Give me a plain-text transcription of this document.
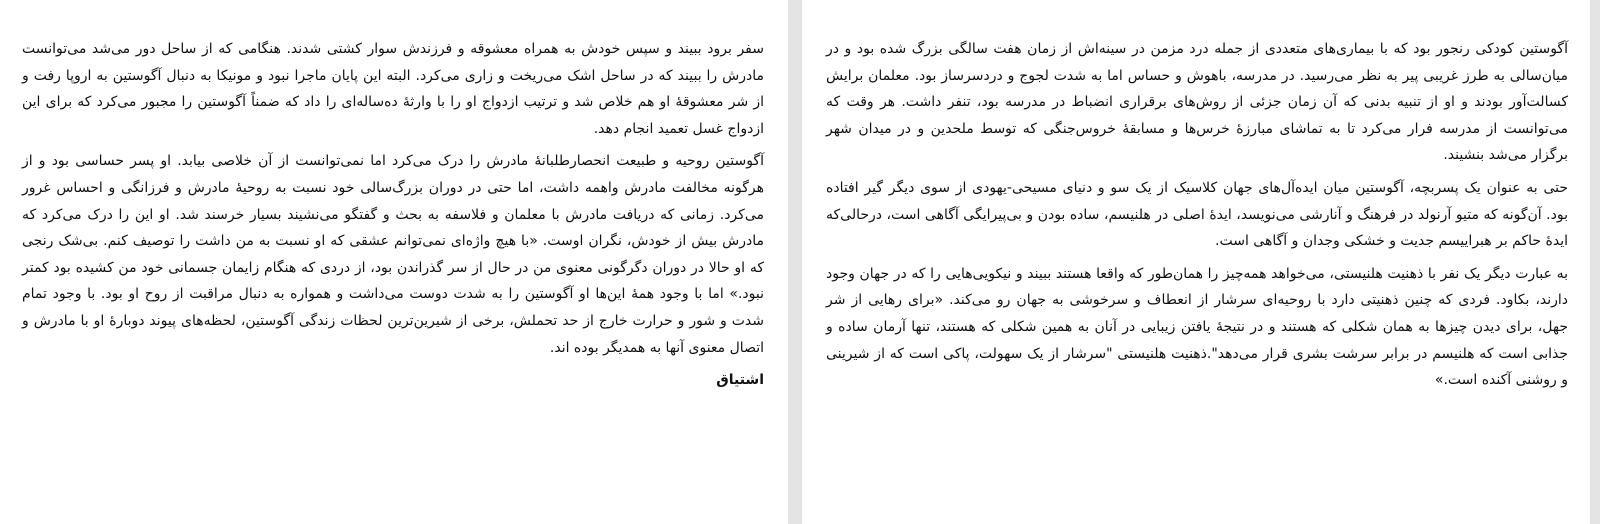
سفر برود ببیند و سپس خودش به همراه معشوقه و فرزندش سوار کشتی شدند. هنگامی که از ساحل دور می‌شد می‌توانست مادرش را ببیند که در ساحل اشک می‌ریخت و زاری می‌کرد. البته این پایان ماجرا نبود و مونیکا به دنبال آگوستین به اروپا رفت و از شر معشوقهٔ او هم خلاص شد و ترتیب ازدواج او را با وارثهٔ ده‌ساله‌ای را داد که ضمناً آگوستین را مجبور می‌کرد که برای این ازدواج غسل تعمید انجام دهد.

آگوستین روحیه و طبیعت انحصارطلبانهٔ مادرش را درک می‌کرد اما نمی‌توانست از آن خلاصی بیابد. او پسر حساسی بود و از هرگونه مخالفت مادرش واهمه داشت، اما حتی در دوران بزرگ‌سالی خود نسبت به روحیهٔ مادرش و فرزانگی و احساس غرور می‌کرد. زمانی که دریافت مادرش با معلمان و فلاسفه به بحث و گفتگو می‌نشیند بسیار خرسند شد. او این را درک می‌کرد که مادرش بیش از خودش، نگران اوست. «با هیچ واژه‌ای نمی‌توانم عشقی که او نسبت به من داشت را توصیف کنم. بی‌شک رنجی که او حالا در دوران دگرگونی معنوی من در حال از سر گذراندن بود، از دردی که هنگام زایمان جسمانی خود من کشیده بود کمتر نبود.» اما با وجود همهٔ این‌ها او آگوستین را به شدت دوست می‌داشت و همواره به دنبال مراقبت از روح او بود. با وجود تمام شدت و شور و حرارت خارج از حد تحملش، برخی از شیرین‌ترین لحظات زندگی آگوستین، لحظه‌های پیوند دوبارهٔ او با مادرش و اتصال معنوی آنها به همدیگر بوده اند.

اشتیاق

آگوستین کودکی رنجور بود که با بیماری‌های متعددی از جمله درد مزمن در سینه‌اش از زمان هفت سالگی بزرگ شده بود و در میان‌سالی به طرز غریبی پیر به نظر می‌رسید. در مدرسه، باهوش و حساس اما به شدت لجوج و دردسرساز بود. معلمان برایش کسالت‌آور بودند و او از تنبیه بدنی که آن زمان جزئی از روش‌های برقراری انضباط در مدرسه بود، تنفر داشت. هر وقت که می‌توانست از مدرسه فرار می‌کرد تا به تماشای مبارزهٔ خرس‌ها و مسابقهٔ خروس‌جنگی که توسط ملحدین و در میدان شهر برگزار می‌شد بنشیند.

حتی به عنوان یک پسربچه، آگوستین میان ایده‌آل‌های جهان کلاسیک از یک سو و دنیای مسیحی-یهودی از سوی دیگر گیر افتاده بود. آن‌گونه که متیو آرنولد در فرهنگ و آنارشی می‌نویسد، ایدهٔ اصلی در هلنیسم، ساده بودن و بی‌پیرایگی آگاهی است، درحالی‌که ایدهٔ حاکم بر هبراییسم جدیت و خشکی وجدان و آگاهی است.

به عبارت دیگر یک نفر با ذهنیت هلنیستی، می‌خواهد همه‌چیز را همان‌طور که واقعا هستند ببیند و نیکویی‌هایی را که در جهان وجود دارند، بکاود. فردی که چنین ذهنیتی دارد با روحیه‌ای سرشار از انعطاف و سرخوشی به جهان رو می‌کند. «برای رهایی از شر جهل، برای دیدن چیزها به همان شکلی که هستند و در نتیجهٔ یافتن زیبایی در آنان به همین شکلی که هستند، تنها آرمان ساده و جذابی است که هلنیسم در برابر سرشت بشری قرار می‌دهد".ذهنیت هلنیستی "سرشار از یک سهولت، پاکی است که از شیرینی و روشنی آکنده است.»
